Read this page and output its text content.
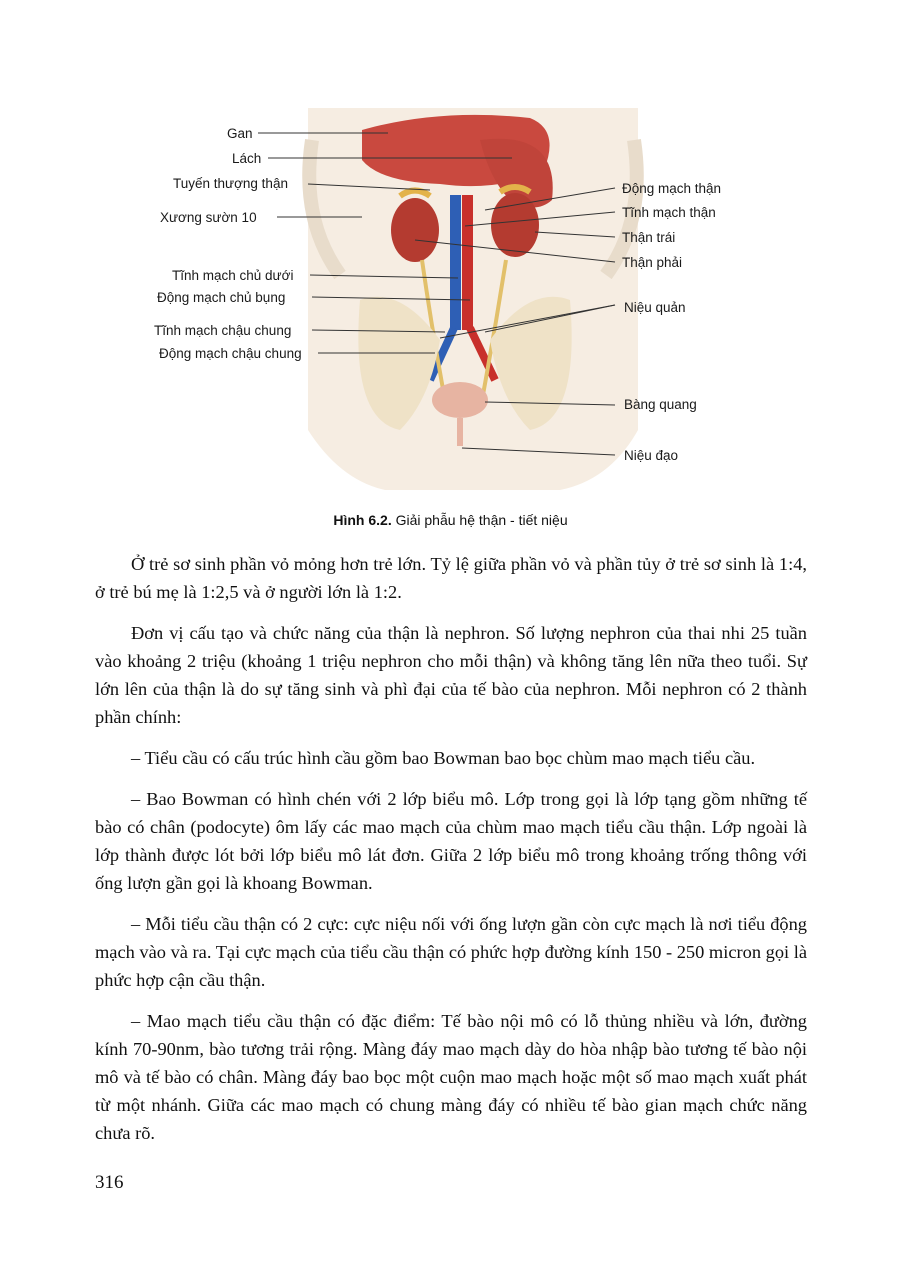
Gan
Lách
Tuyến thượng thận
Xương sườn 10
Tĩnh mạch chủ dưới
Động mạch chủ bụng
Tĩnh mạch chậu chung
Động mạch chậu chung
Động mạch thận
Tĩnh mạch thận
Thận trái
Thận phải
Niệu quản
Bàng quang
Niệu đạo
Hình 6.2. Giải phẫu hệ thận - tiết niệu

Ở trẻ sơ sinh phần vỏ mỏng hơn trẻ lớn. Tỷ lệ giữa phần vỏ và phần tủy ở trẻ sơ sinh là 1:4, ở trẻ bú mẹ là 1:2,5 và ở người lớn là 1:2.

Đơn vị cấu tạo và chức năng của thận là nephron. Số lượng nephron của thai nhi 25 tuần vào khoảng 2 triệu (khoảng 1 triệu nephron cho mỗi thận) và không tăng lên nữa theo tuổi. Sự lớn lên của thận là do sự tăng sinh và phì đại của tế bào của nephron. Mỗi nephron có 2 thành phần chính:

– Tiểu cầu có cấu trúc hình cầu gồm bao Bowman bao bọc chùm mao mạch tiểu cầu.

– Bao Bowman có hình chén với 2 lớp biểu mô. Lớp trong gọi là lớp tạng gồm những tế bào có chân (podocyte) ôm lấy các mao mạch của chùm mao mạch tiểu cầu thận. Lớp ngoài là lớp thành được lót bởi lớp biểu mô lát đơn. Giữa 2 lớp biểu mô trong khoảng trống thông với ống lượn gần gọi là khoang Bowman.

– Mỗi tiểu cầu thận có 2 cực: cực niệu nối với ống lượn gần còn cực mạch là nơi tiểu động mạch vào và ra. Tại cực mạch của tiểu cầu thận có phức hợp đường kính 150 - 250 micron gọi là phức hợp cận cầu thận.

– Mao mạch tiểu cầu thận có đặc điểm: Tế bào nội mô có lỗ thủng nhiều và lớn, đường kính 70-90nm, bào tương trải rộng. Màng đáy mao mạch dày do hòa nhập bào tương tế bào nội mô và tế bào có chân. Màng đáy bao bọc một cuộn mao mạch hoặc một số mao mạch xuất phát từ một nhánh. Giữa các mao mạch có chung màng đáy có nhiều tế bào gian mạch chức năng chưa rõ.

316
